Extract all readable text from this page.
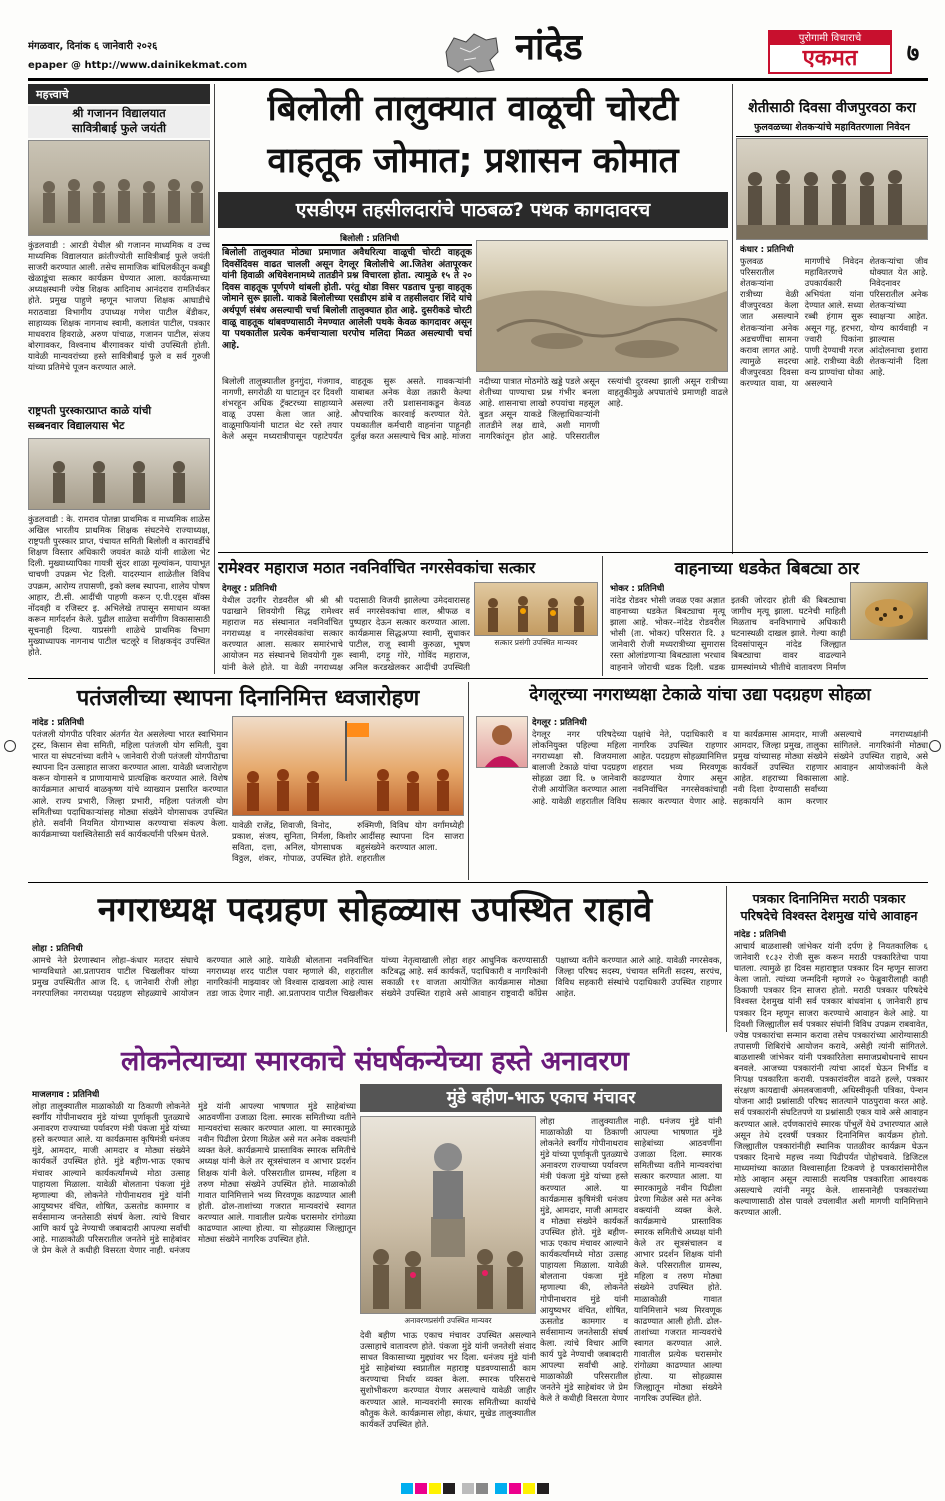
मंगळवार, दिनांक ६ जानेवारी २०२६
epaper @ http://www.dainikekmat.com	नांदेड	पुरोगामी विचाराचे
एकमत	७
महत्त्वाचे
श्री गजानन विद्यालयात
सावित्रीबाई फुले जयंती
कुंडलवाडी : आरडी येथील श्री गजानन माध्यमिक व उच्च माध्यमिक विद्यालयात क्रांतीज्योती सावित्रीबाई फुले जयंती साजरी करण्यात आली. तसेच सामाजिक बांधिलकीतून कबड्डी खेळाडूंचा सत्कार कार्यक्रम घेण्यात आला. कार्यक्रमाच्या अध्यक्षस्थानी ज्येष्ठ शिक्षक आदिनाथ आनंदराव रामतिर्थकर होते. प्रमुख पाहुणे म्हणून भाजपा शिक्षक आघाडीचे मराठवाडा विभागीय उपाध्यक्ष गणेश पाटील बेंडीकर, साहाय्यक शिक्षक नागनाथ स्वामी, कलावंत पाटील, पत्रकार माधवराव हिवराळे, अरुण पांचाळ, गजानन पाटील, संजय बोरगावकर, विश्वनाथ बीरगावकर यांची उपस्थिती होती. यावेळी मान्यवरांच्या हस्ते सावित्रीबाई फुले व सर्व गुरुजी यांच्या प्रतिमेचे पूजन करण्यात आले.
राष्ट्रपती पुरस्कारप्राप्त काळे यांची
सब्बनवार विद्यालयास भेट
कुंडलवाडी : के. रामराव पोतन्ना प्राथमिक व माध्यमिक शाळेस अखिल भारतीय प्राथमिक शिक्षक संघटनेचे राज्याध्यक्ष, राष्ट्रपती पुरस्कार प्राप्त, पंचायत समिती बिलोली व कारावर्डीचे शिक्षण विस्तार अधिकारी जयवंत काळे यांनी शाळेला भेट दिली. मुख्याध्यापिका गायत्री सुंदर शाळा मूल्यांकन, पायाभूत चाचणी उपक्रम भेट दिली. यादरम्यान शाळेतील विविध उपक्रम, आरोग्य तपासणी, इको क्लब स्थापना, शालेय पोषण आहार, टी.सी. आदींची पाहणी करून ए.पी.एड्स बॉक्स नोंदवही व रजिस्टर इ. अभिलेखे तपासून समाधान व्यक्त करून मार्गदर्शन केले. पुढील शाळेचा सर्वांगीण विकासासाठी सूचनाही दिल्या. याप्रसंगी शाळेचे प्राथमिक विभाग मुख्याध्यापक नागनाथ पाटील चटलूरे व शिक्षकवृंद उपस्थित होते.
बिलोली तालुक्यात वाळूची चोरटी
वाहतूक जोमात; प्रशासन कोमात
एसडीएम तहसीलदारांचे पाठबळ? पथक कागदावरच
बिलोली : प्रतिनिधी
बिलोली तालुक्यात मोठ्या प्रमाणात अवैधरित्या वाळूची चोरटी वाहतूक दिवसेंदिवस वाढत चालली असून देगलूर बिलोलीचे आ.जितेश अंतापूरकर यांनी हिवाळी अधिवेशनामध्ये तातडीने प्रश्न विचारला होता. त्यामुळे १५ ते २० दिवस वाहतूक पूर्णपणे थांबली होती. परंतु थोडा विसर पडताच पुन्हा वाहतूक जोमाने सुरू झाली. याकडे बिलोलीच्या एसडीएम डांबे व तहसीलदार शिंदे यांचे अर्थपूर्ण संबंध असल्याची चर्चा बिलोली तालुक्यात होत आहे. दुसरीकडे चोरटी वाळू वाहतूक थांबवण्यासाठी नेमण्यात आलेली पथके केवळ कागदावर असून या पथकातील प्रत्येक कर्मचाऱ्याला घरपोच मलिदा मिळत असल्याची चर्चा आहे.
बिलोली तालुक्यातील हुनगुंदा, गंजगाव, नागणी, सगरोळी या घाटातून दर दिवशी शंभरहून अधिक ट्रॅक्टरच्या साहाय्याने वाळू उपसा केला जात आहे. वाळूमाफियांनी घाटात थेट रस्ते तयार केले असून मध्यरात्रीपासून पहाटेपर्यंत वाहतूक सुरू असते. गावकऱ्यांनी याबाबत अनेक वेळा तक्रारी केल्या असल्या तरी प्रशासनाकडून केवळ औपचारिक कारवाई करण्यात येते. पथकातील कर्मचारी वाहनांना पाहूनही दुर्लक्ष करत असल्याचे चित्र आहे. मांजरा नदीच्या पात्रात मोठमोठे खड्डे पडले असून शेतीच्या पाण्याचा प्रश्न गंभीर बनला आहे. शासनाचा लाखो रुपयांचा महसूल बुडत असून याकडे जिल्हाधिकाऱ्यांनी तातडीने लक्ष द्यावे, अशी मागणी नागरिकांतून होत आहे. परिसरातील रस्त्यांची दुरवस्था झाली असून रात्रीच्या वाहतुकीमुळे अपघातांचे प्रमाणही वाढले आहे.
शेतीसाठी दिवसा वीजपुरवठा करा
फुलवळच्या शेतकऱ्यांचे महावितरणाला निवेदन
कंधार : प्रतिनिधी
फुलवळ परिसरातील शेतकऱ्यांना रात्रीच्या वेळी वीजपुरवठा केला जात असल्याने शेतकऱ्यांना अनेक अडचणींचा सामना करावा लागत आहे. त्यामुळे सदरचा वीजपुरवठा दिवसा करण्यात यावा, या मागणीचे निवेदन महावितरणचे उपकार्यकारी अभियंता यांना देण्यात आले. सध्या रब्बी हंगाम सुरू असून गहू, हरभरा, ज्वारी पिकांना पाणी देण्याची गरज आहे. रात्रीच्या वेळी वन्य प्राण्यांचा धोका असल्याने शेतकऱ्यांचा जीव धोक्यात येत आहे. निवेदनावर परिसरातील अनेक शेतकऱ्यांच्या स्वाक्षऱ्या आहेत. योग्य कार्यवाही न झाल्यास आंदोलनाचा इशारा शेतकऱ्यांनी दिला आहे.
रामेश्वर महाराज मठात नवनिर्वाचित नगरसेवकांचा सत्कार
देगलूर : प्रतिनिधी
येथील उदगीर रोडवरील श्री श्री श्री पढाखाने शिवयोगी सिद्ध रामेश्वर महाराज मठ संस्थानात नवनिर्वाचित नगराध्यक्ष व नगरसेवकांचा सत्कार करण्यात आला. सत्कार समारंभाचे आयोजन मठ संस्थानचे शिवयोगी गुरू यांनी केले होते. या वेळी नगराध्यक्ष पदासाठी विजयी झालेल्या उमेदवारासह सर्व नगरसेवकांचा शाल, श्रीफळ व पुष्पहार देऊन सत्कार करण्यात आला. कार्यक्रमास सिद्धअप्पा स्वामी, सुधाकर पाटील, राजू स्वामी कुरुळा, भूषण स्वामी, दगड़ू गोरे, गोविंद महाराज, अनिल करडखेलकर आदींची उपस्थिती
सत्कार प्रसंगी उपस्थित मान्यवर
वाहनाच्या धडकेत बिबट्या ठार
भोकर : प्रतिनिधी
नांदेड रोडवर भोसी जवळ एका अज्ञात वाहनाच्या धडकेत बिबट्याचा मृत्यू झाला आहे. भोकर–नांदेड रोडवरील भोसी (ता. भोकर) परिसरात दि. ३ जानेवारी रोजी मध्यरात्रीच्या सुमारास रस्ता ओलांडणाऱ्या बिबट्याला भरधाव वाहनाने जोराची धडक दिली. धडक इतकी जोरदार होती की बिबट्याचा जागीच मृत्यू झाला. घटनेची माहिती मिळताच वनविभागाचे अधिकारी घटनास्थळी दाखल झाले. गेल्या काही दिवसांपासून नांदेड जिल्ह्यात बिबट्याचा वावर वाढल्याने ग्रामस्थांमध्ये भीतीचे वातावरण निर्माण
पतंजलीच्या स्थापना दिनानिमित्त ध्वजारोहण
नांदेड : प्रतिनिधी
पतंजली योगपीठ परिवार अंतर्गत येत असलेल्या भारत स्वाभिमान ट्रस्ट, किसान सेवा समिती, महिला पतंजली योग समिती, युवा भारत या संघटनांच्या वतीने ५ जानेवारी रोजी पतंजली योगपीठाचा स्थापना दिन उत्साहात साजरा करण्यात आला. यावेळी ध्वजारोहण करून योगासने व प्राणायामाचे प्रात्यक्षिक करण्यात आले. विशेष कार्यक्रमात आचार्य बाळकृष्ण यांचे व्याख्यान प्रसारित करण्यात आले. राज्य प्रभारी, जिल्हा प्रभारी, महिला पतंजली योग समितीच्या पदाधिकाऱ्यांसह मोठ्या संख्येने योगसाधक उपस्थित होते. सर्वांनी नियमित योगाभ्यास करण्याचा संकल्प केला. कार्यक्रमाच्या यशस्वितेसाठी सर्व कार्यकर्त्यांनी परिश्रम घेतले.
यावेळी राजेंद्र, शिवाजी, प्रकाश, संजय, सुनिता, सविता, दत्ता, अनिल, विठ्ठल, शंकर, गोपाळ, विनोद, रुक्मिणी, निर्मला, किशोर आदींसह योगसाधक बहुसंख्येने उपस्थित होते. शहरातील विविध योग वर्गांमध्येही स्थापना दिन साजरा करण्यात आला.
देगलूरच्या नगराध्यक्षा टेकाळे यांचा उद्या पदग्रहण सोहळा
देगलूर : प्रतिनिधी
देगलूर नगर परिषदेच्या लोकनियुक्त पहिल्या महिला नगराध्यक्षा सौ. विजयमाला बालाजी टेकाळे यांचा पदग्रहण सोहळा उद्या दि. ७ जानेवारी रोजी आयोजित करण्यात आला आहे. यावेळी शहरातील विविध पक्षांचे नेते, पदाधिकारी व नागरिक उपस्थित राहणार आहेत. पदग्रहण सोहळ्यानिमित्त शहरात भव्य मिरवणूक काढण्यात येणार असून नवनिर्वाचित नगरसेवकांचाही सत्कार करण्यात येणार आहे. या कार्यक्रमास आमदार, माजी आमदार, जिल्हा प्रमुख, तालुका प्रमुख यांच्यासह मोठ्या संख्येने कार्यकर्ते उपस्थित राहणार आहेत. शहराच्या विकासाला नवी दिशा देण्यासाठी सर्वांच्या सहकार्याने काम करणार असल्याचे नगराध्यक्षांनी सांगितले. नागरिकांनी मोठ्या संख्येने उपस्थित राहावे, असे आवाहन आयोजकांनी केले आहे.
नगराध्यक्ष पदग्रहण सोहळ्यास उपस्थित राहावे
लोहा : प्रतिनिधी
आमचे नेते प्रेरणास्थान लोहा–कंधार मतदार संघाचे भाग्यविधाते आ.प्रतापराव पाटील चिखलीकर यांच्या प्रमुख उपस्थितीत आज दि. ६ जानेवारी रोजी लोहा नगरपालिका नगराध्यक्ष पदग्रहण सोहळ्याचे आयोजन करण्यात आले आहे. यावेळी बोलताना नवनिर्वाचित नगराध्यक्ष शरद पाटील पवार म्हणाले की, शहरातील नागरिकांनी माझ्यावर जो विश्वास दाखवला आहे त्यास तडा जाऊ देणार नाही. आ.प्रतापराव पाटील चिखलीकर यांच्या नेतृत्वाखाली लोहा शहर आधुनिक करण्यासाठी कटिबद्ध आहे. सर्व कार्यकर्ते, पदाधिकारी व नागरिकांनी सकाळी ११ वाजता आयोजित कार्यक्रमास मोठ्या संख्येने उपस्थित राहावे असे आवाहन राष्ट्रवादी काँग्रेस पक्षाच्या वतीने करण्यात आले आहे. यावेळी नगरसेवक, जिल्हा परिषद सदस्य, पंचायत समिती सदस्य, सरपंच, विविध सहकारी संस्थांचे पदाधिकारी उपस्थित राहणार आहेत.
पत्रकार दिनानिमित्त मराठी पत्रकार
परिषदेचे विश्वस्त देशमुख यांचे आवाहन
नांदेड : प्रतिनिधी
आचार्य बाळशास्त्री जांभेकर यांनी दर्पण हे नियतकालिक ६ जानेवारी १८३२ रोजी सुरू करून मराठी पत्रकारितेचा पाया घातला. त्यामुळे हा दिवस महाराष्ट्रात पत्रकार दिन म्हणून साजरा केला जातो. त्यांच्या जन्मदिनी म्हणजे २० फेब्रुवारीलाही काही ठिकाणी पत्रकार दिन साजरा होतो. मराठी पत्रकार परिषदेचे विश्वस्त देशमुख यांनी सर्व पत्रकार बांधवांना ६ जानेवारी हाच पत्रकार दिन म्हणून साजरा करण्याचे आवाहन केले आहे. या दिवशी जिल्ह्यातील सर्व पत्रकार संघांनी विविध उपक्रम राबवावेत, ज्येष्ठ पत्रकारांचा सन्मान करावा तसेच पत्रकारांच्या आरोग्यासाठी तपासणी शिबिरांचे आयोजन करावे, असेही त्यांनी सांगितले. बाळशास्त्री जांभेकर यांनी पत्रकारितेला समाजप्रबोधनाचे साधन बनवले. आजच्या पत्रकारांनी त्यांचा आदर्श घेऊन निर्भीड व निःपक्ष पत्रकारिता करावी. पत्रकारांवरील वाढते हल्ले, पत्रकार संरक्षण कायद्याची अंमलबजावणी, अधिस्वीकृती पत्रिका, पेन्शन योजना आदी प्रश्नांसाठी परिषद सातत्याने पाठपुरावा करत आहे. सर्व पत्रकारांनी संघटितपणे या प्रश्नांसाठी एकत्र यावे असे आवाहन करण्यात आले. दर्पणकारांचे स्मारक पोंभुर्ले येथे उभारण्यात आले असून तेथे दरवर्षी पत्रकार दिनानिमित्त कार्यक्रम होतो. जिल्ह्यातील पत्रकारांनीही स्थानिक पातळीवर कार्यक्रम घेऊन पत्रकार दिनाचे महत्त्व नव्या पिढीपर्यंत पोहोचवावे. डिजिटल माध्यमांच्या काळात विश्वासार्हता टिकवणे हे पत्रकारांसमोरील मोठे आव्हान असून त्यासाठी सत्यनिष्ठ पत्रकारिता आवश्यक असल्याचे त्यांनी नमूद केले. शासनानेही पत्रकारांच्या कल्याणासाठी ठोस पावले उचलावीत अशी मागणी यानिमित्ताने करण्यात आली.
लोकनेत्याच्या स्मारकाचे संघर्षकन्येच्या हस्ते अनावरण
मुंडे बहीण-भाऊ एकाच मंचावर
माजलगाव : प्रतिनिधी
लोहा तालुक्यातील माळाकोळी या ठिकाणी लोकनेते स्वर्गीय गोपीनाथराव मुंडे यांच्या पूर्णाकृती पुतळ्याचे अनावरण राज्याच्या पर्यावरण मंत्री पंकजा मुंडे यांच्या हस्ते करण्यात आले. या कार्यक्रमास कृषिमंत्री धनंजय मुंडे, आमदार, माजी आमदार व मोठ्या संख्येने कार्यकर्ते उपस्थित होते. मुंडे बहीण-भाऊ एकाच मंचावर आल्याने कार्यकर्त्यांमध्ये मोठा उत्साह पाहायला मिळाला. यावेळी बोलताना पंकजा मुंडे म्हणाल्या की, लोकनेते गोपीनाथराव मुंडे यांनी आयुष्यभर वंचित, शोषित, ऊसतोड कामगार व सर्वसामान्य जनतेसाठी संघर्ष केला. त्यांचे विचार आणि कार्य पुढे नेण्याची जबाबदारी आपल्या सर्वांची आहे. माळाकोळी परिसरातील जनतेने मुंडे साहेबांवर जे प्रेम केले ते कधीही विसरता येणार नाही. धनंजय मुंडे यांनी आपल्या भाषणात मुंडे साहेबांच्या आठवणींना उजाळा दिला. स्मारक समितीच्या वतीने मान्यवरांचा सत्कार करण्यात आला. या स्मारकामुळे नवीन पिढीला प्रेरणा मिळेल असे मत अनेक वक्त्यांनी व्यक्त केले. कार्यक्रमाचे प्रास्ताविक स्मारक समितीचे अध्यक्ष यांनी केले तर सूत्रसंचालन व आभार प्रदर्शन शिक्षक यांनी केले. परिसरातील ग्रामस्थ, महिला व तरुण मोठ्या संख्येने उपस्थित होते. माळाकोळी गावात यानिमित्ताने भव्य मिरवणूक काढण्यात आली होती. ढोल-ताशांच्या गजरात मान्यवरांचे स्वागत करण्यात आले. गावातील प्रत्येक घरासमोर रांगोळ्या काढण्यात आल्या होत्या. या सोहळ्यास जिल्ह्यातून मोठ्या संख्येने नागरिक उपस्थित होते.
अनावरणप्रसंगी उपस्थित मान्यवर
देवी बहीण भाऊ एकाच मंचावर उपस्थित असल्याने उत्साहाचे वातावरण होते. पंकजा मुंडे यांनी जनतेशी संवाद साधत विकासाच्या मुद्द्यांवर भर दिला. धनंजय मुंडे यांनी मुंडे साहेबांच्या स्वप्नातील महाराष्ट्र घडवण्यासाठी काम करण्याचा निर्धार व्यक्त केला. स्मारक परिसराचे सुशोभीकरण करण्यात येणार असल्याचे यावेळी जाहीर करण्यात आले. मान्यवरांनी स्मारक समितीच्या कार्याचे कौतुक केले. कार्यक्रमास लोहा, कंधार, मुखेड तालुक्यातील कार्यकर्ते उपस्थित होते.
लोहा तालुक्यातील माळाकोळी या ठिकाणी लोकनेते स्वर्गीय गोपीनाथराव मुंडे यांच्या पूर्णाकृती पुतळ्याचे अनावरण राज्याच्या पर्यावरण मंत्री पंकजा मुंडे यांच्या हस्ते करण्यात आले. या कार्यक्रमास कृषिमंत्री धनंजय मुंडे, आमदार, माजी आमदार व मोठ्या संख्येने कार्यकर्ते उपस्थित होते. मुंडे बहीण-भाऊ एकाच मंचावर आल्याने कार्यकर्त्यांमध्ये मोठा उत्साह पाहायला मिळाला. यावेळी बोलताना पंकजा मुंडे म्हणाल्या की, लोकनेते गोपीनाथराव मुंडे यांनी आयुष्यभर वंचित, शोषित, ऊसतोड कामगार व सर्वसामान्य जनतेसाठी संघर्ष केला. त्यांचे विचार आणि कार्य पुढे नेण्याची जबाबदारी आपल्या सर्वांची आहे. माळाकोळी परिसरातील जनतेने मुंडे साहेबांवर जे प्रेम केले ते कधीही विसरता येणार नाही. धनंजय मुंडे यांनी आपल्या भाषणात मुंडे साहेबांच्या आठवणींना उजाळा दिला. स्मारक समितीच्या वतीने मान्यवरांचा सत्कार करण्यात आला. या स्मारकामुळे नवीन पिढीला प्रेरणा मिळेल असे मत अनेक वक्त्यांनी व्यक्त केले. कार्यक्रमाचे प्रास्ताविक स्मारक समितीचे अध्यक्ष यांनी केले तर सूत्रसंचालन व आभार प्रदर्शन शिक्षक यांनी केले. परिसरातील ग्रामस्थ, महिला व तरुण मोठ्या संख्येने उपस्थित होते. माळाकोळी गावात यानिमित्ताने भव्य मिरवणूक काढण्यात आली होती. ढोल-ताशांच्या गजरात मान्यवरांचे स्वागत करण्यात आले. गावातील प्रत्येक घरासमोर रांगोळ्या काढण्यात आल्या होत्या. या सोहळ्यास जिल्ह्यातून मोठ्या संख्येने नागरिक उपस्थित होते.
